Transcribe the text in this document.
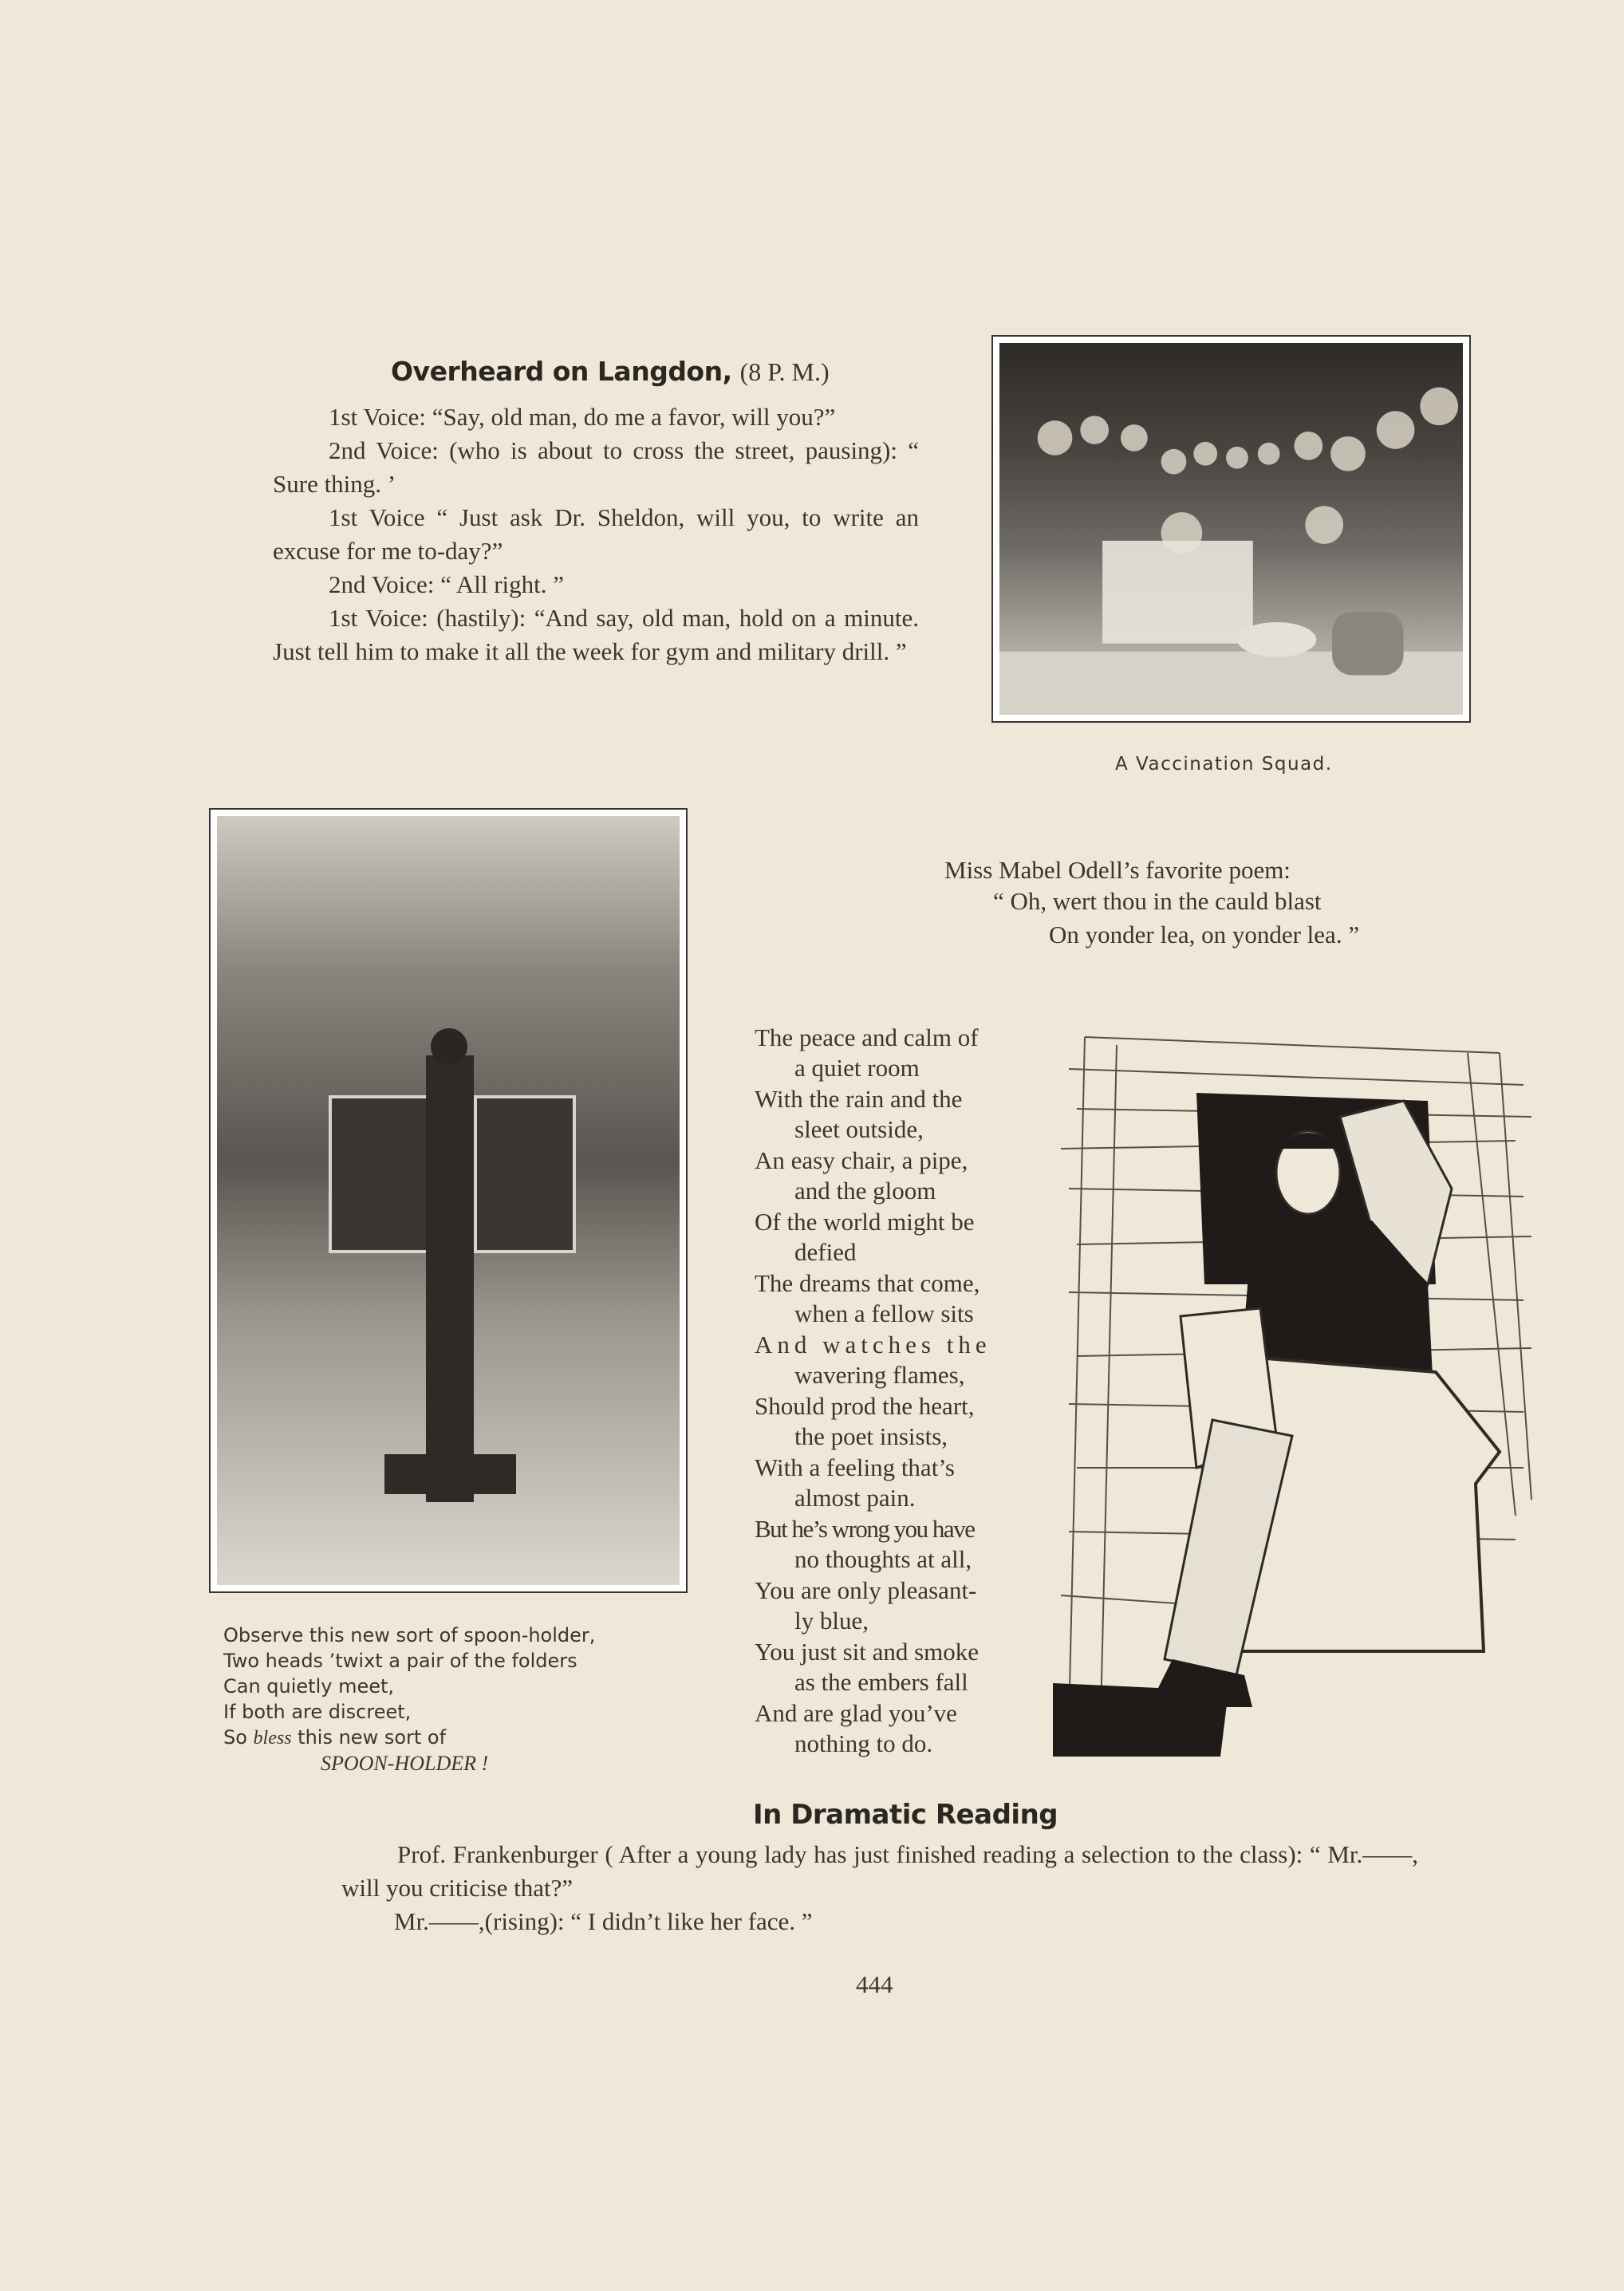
Overheard on Langdon, (8 P. M.)

1st Voice: “Say, old man, do me a favor, will you?”

2nd Voice: (who is about to cross the street, pausing): “ Sure thing. ’

1st Voice “ Just ask Dr. Sheldon, will you, to write an excuse for me to-day?”

2nd Voice: “ All right. ”

1st Voice: (hastily): “And say, old man, hold on a minute. Just tell him to make it all the week for gym and military drill. ”

A Vaccination Squad.
Observe this new sort of spoon-holder,
Two heads ’twixt a pair of the folders
Can quietly meet,
If both are discreet,
So bless this new sort of
SPOON-HOLDER !
Miss Mabel Odell’s favorite poem:
“ Oh, wert thou in the cauld blast
On yonder lea, on yonder lea. ”
The peace and calm of
a quiet room
With the rain and the
sleet outside,
An easy chair, a pipe,
and the gloom
Of the world might be
defied
The dreams that come,
when a fellow sits
And watches the
wavering flames,
Should prod the heart,
the poet insists,
With a feeling that’s
almost pain.
But he’s wrong you have
no thoughts at all,
You are only pleasant-
ly blue,
You just sit and smoke
as the embers fall
And are glad you’ve
nothing to do.
In Dramatic Reading

Prof. Frankenburger ( After a young lady has just finished reading a selection to the class): “ Mr.——, will you criticise that?”

Mr.——,(rising): “ I didn’t like her face. ”

444
